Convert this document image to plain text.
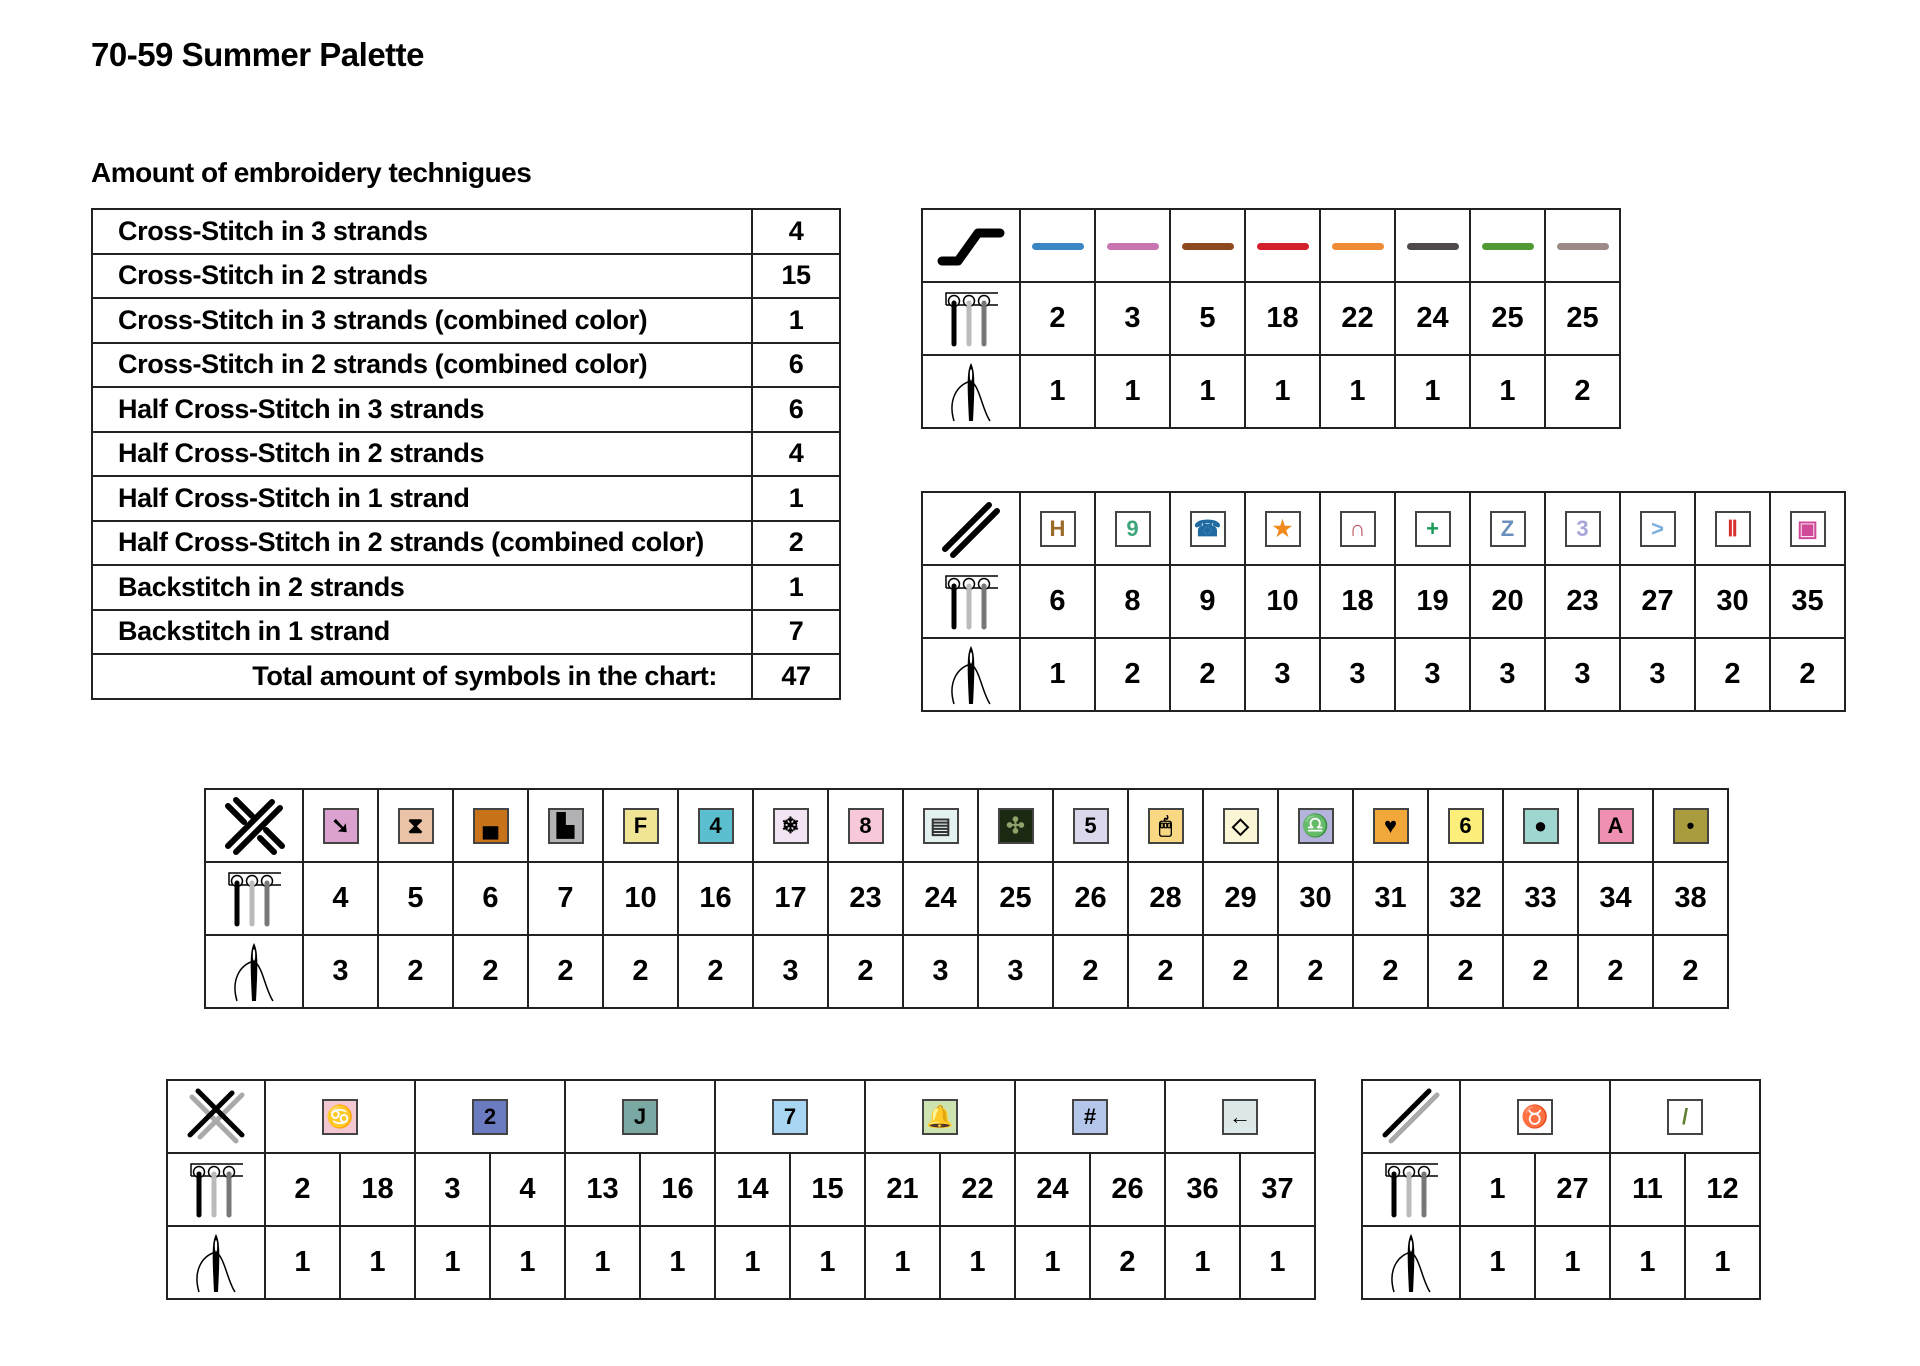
70-59 Summer Palette
Amount of embroidery technigues
Cross-Stitch in 3 strands	4
Cross-Stitch in 2 strands	15
Cross-Stitch in 3 strands (combined color)	1
Cross-Stitch in 2 strands (combined color)	6
Half Cross-Stitch in 3 strands	6
Half Cross-Stitch in 2 strands	4
Half Cross-Stitch in 1 strand	1
Half Cross-Stitch in 2 strands (combined color)	2
Backstitch in 2 strands	1
Backstitch in 1 strand	7
Total amount of symbols in the chart:	47

	2	3	5	18	22	24	25	25

	1	1	1	1	1	1	1	2
	H	9	☎	★	∩	+	Z	3	>	Ⅱ	▣

	6	8	9	10	18	19	20	23	27	30	35

	1	2	2	3	3	3	3	3	3	2	2
	➘	⧗	▄	▙	F	4	❄	8	▤	✣	5	🖱	◇	♎	♥	6	●	A	•

	4	5	6	7	10	16	17	23	24	25	26	28	29	30	31	32	33	34	38

	3	2	2	2	2	2	3	2	3	3	2	2	2	2	2	2	2	2	2
	♋		2		J		7		🔔		#		←	

	2	18	3	4	13	16	14	15	21	22	24	26	36	37

	1	1	1	1	1	1	1	1	1	1	1	2	1	1
	♉		/	

	1	27	11	12

	1	1	1	1
